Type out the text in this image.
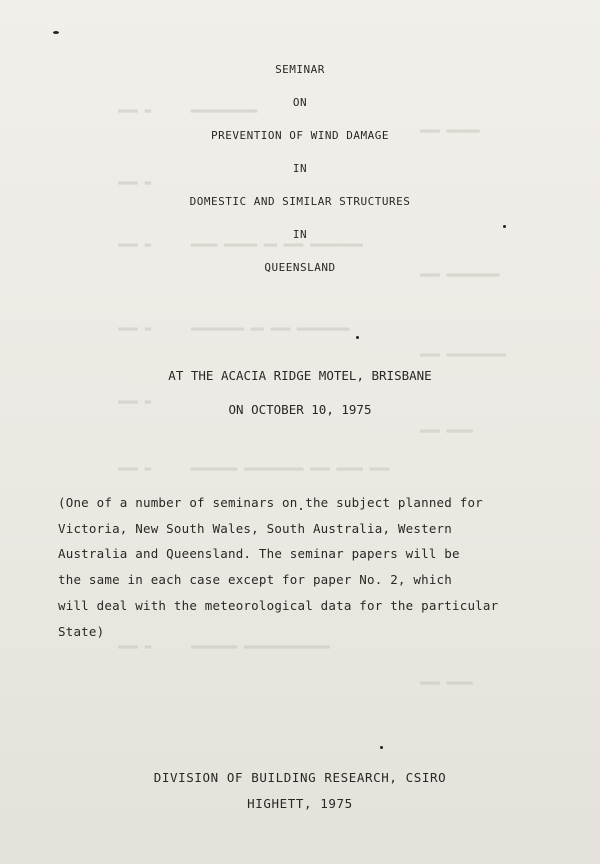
▬▬▬ ▬      ▬▬▬▬▬▬▬▬▬▬
▬▬▬ ▬▬▬▬▬
▬▬▬ ▬
▬▬▬ ▬      ▬▬▬▬ ▬▬▬▬▬ ▬▬ ▬▬▬ ▬▬▬▬▬▬▬▬
▬▬▬ ▬▬▬▬▬▬▬▬
▬▬▬ ▬      ▬▬▬▬▬▬▬▬ ▬▬ ▬▬▬ ▬▬▬▬▬▬▬▬
▬▬▬ ▬▬▬▬▬▬▬▬▬
▬▬▬ ▬
▬▬▬ ▬▬▬▬
▬▬▬ ▬      ▬▬▬▬▬▬▬ ▬▬▬▬▬▬▬▬▬ ▬▬▬ ▬▬▬▬ ▬▬▬
▬▬▬ ▬      ▬▬▬▬▬▬▬ ▬▬▬▬▬▬▬▬▬▬▬▬▬
▬▬▬ ▬▬▬▬
SEMINAR
ON
PREVENTION OF WIND DAMAGE
IN
DOMESTIC AND SIMILAR STRUCTURES
IN
QUEENSLAND
AT THE ACACIA RIDGE MOTEL, BRISBANE
ON OCTOBER 10, 1975
(One of a number of seminars on the subject planned for
Victoria, New South Wales, South Australia, Western
Australia and Queensland. The seminar papers will be
the same in each case except for paper No. 2, which
will deal with the meteorological data for the particular
State)
DIVISION OF BUILDING RESEARCH, CSIRO
HIGHETT, 1975
